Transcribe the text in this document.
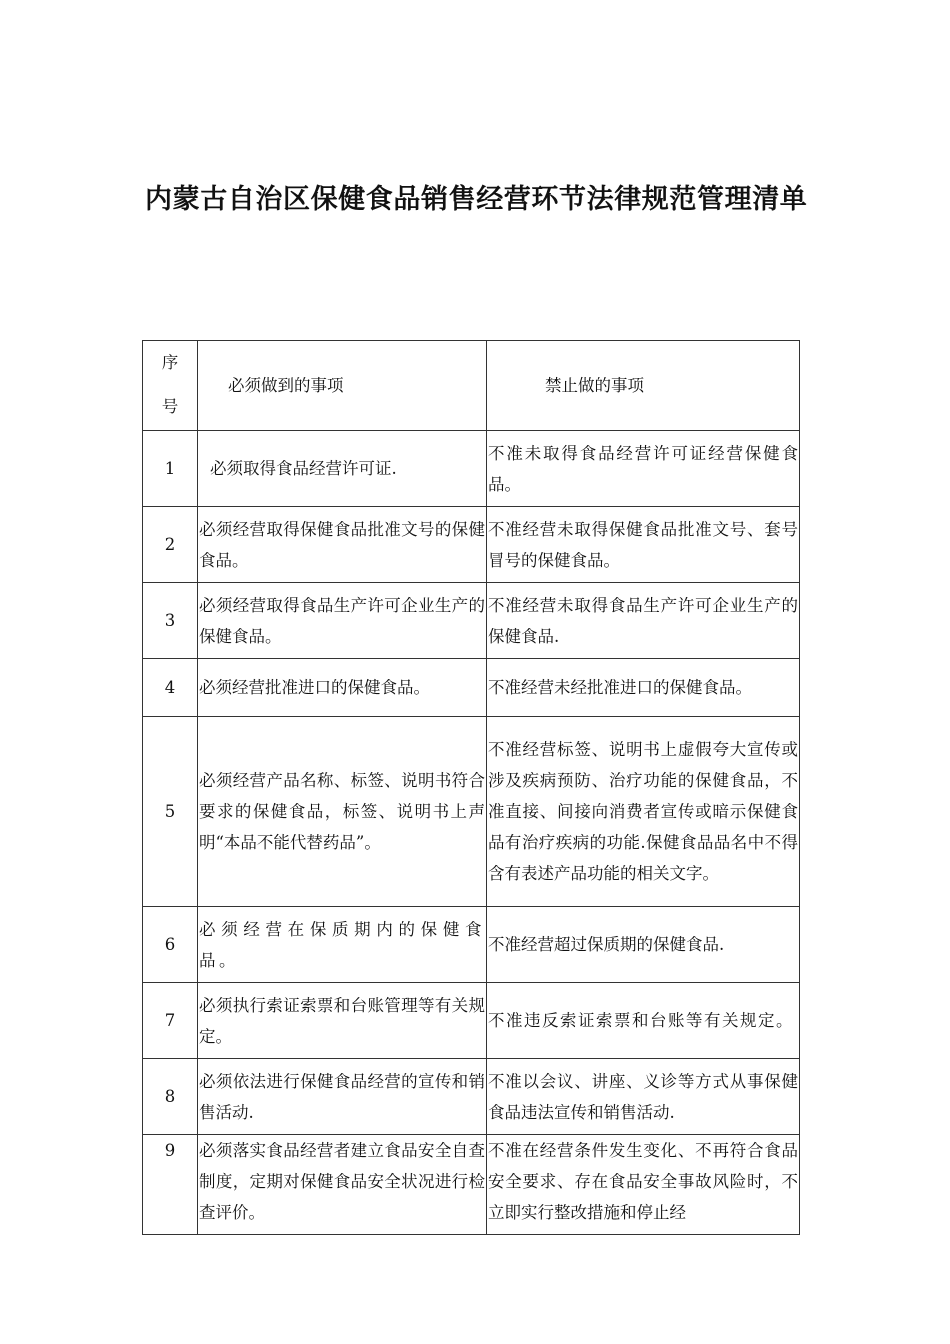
内蒙古自治区保健食品销售经营环节法律规范管理清单
序
号	必须做到的事项	禁止做的事项
1	必须取得食品经营许可证.	不准未取得食品经营许可证经营保健食品。
2	必须经营取得保健食品批准文号的保健食品。	不准经营未取得保健食品批准文号、套号冒号的保健食品。
3	必须经营取得食品生产许可企业生产的保健食品。	不准经营未取得食品生产许可企业生产的保健食品.
4	必须经营批准进口的保健食品。	不准经营未经批准进口的保健食品。
5	必须经营产品名称、标签、说明书符合要求的保健食品，标签、说明书上声明“本品不能代替药品”。	不准经营标签、说明书上虚假夸大宣传或涉及疾病预防、治疗功能的保健食品，不准直接、间接向消费者宣传或暗示保健食品有治疗疾病的功能.保健食品品名中不得含有表述产品功能的相关文字。
6	必须经营在保质期内的保健食品。	不准经营超过保质期的保健食品.
7	必须执行索证索票和台账管理等有关规定。	不准违反索证索票和台账等有关规定。
8	必须依法进行保健食品经营的宣传和销售活动.	不准以会议、讲座、义诊等方式从事保健食品违法宣传和销售活动.
9	必须落实食品经营者建立食品安全自查制度，定期对保健食品安全状况进行检查评价。	不准在经营条件发生变化、不再符合食品安全要求、存在食品安全事故风险时，不立即实行整改措施和停止经
